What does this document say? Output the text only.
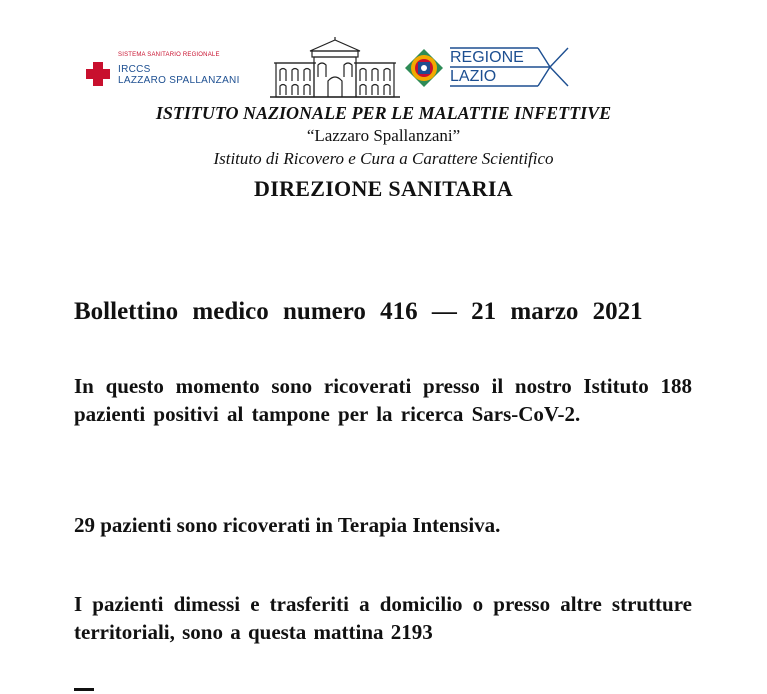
SISTEMA SANITARIO REGIONALE
IRCCS
LAZZARO SPALLANZANI
REGIONE
LAZIO
ISTITUTO NAZIONALE PER LE MALATTIE INFETTIVE
“Lazzaro Spallanzani”
Istituto di Ricovero e Cura a Carattere Scientifico
DIREZIONE SANITARIA
Bollettino medico numero 416 — 21 marzo 2021
In questo momento sono ricoverati presso il nostro Istituto 188 pazienti positivi al tampone per la ricerca Sars-CoV-2.
29 pazienti sono ricoverati in Terapia Intensiva.
I pazienti dimessi e trasferiti a domicilio o presso altre strutture territoriali, sono a questa mattina 2193
